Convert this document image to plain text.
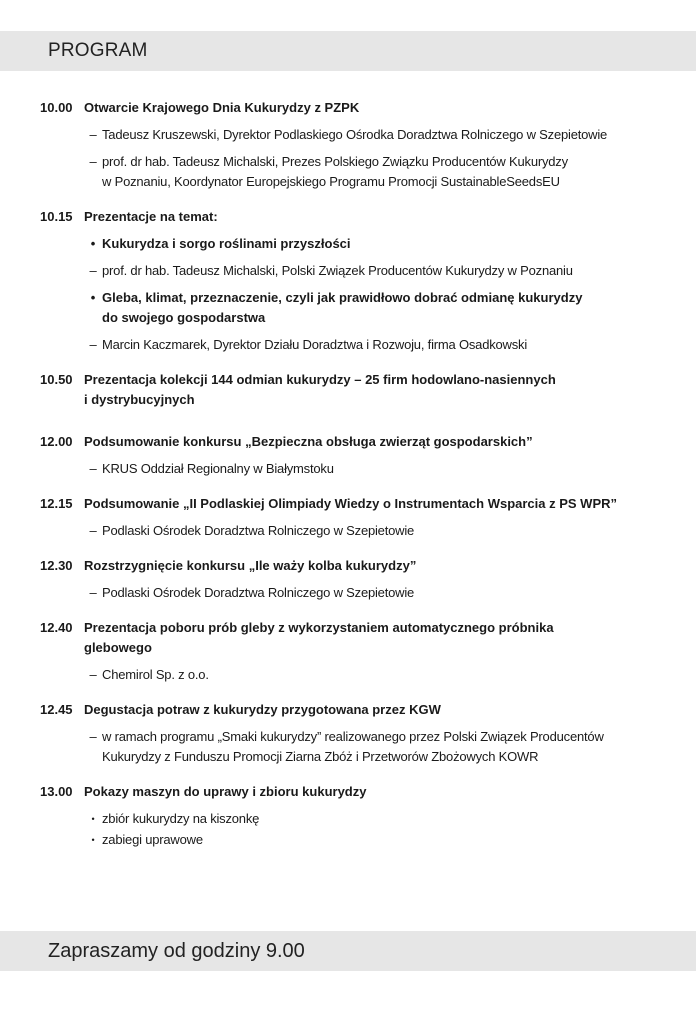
PROGRAM
10.00 Otwarcie Krajowego Dnia Kukurydzy z PZPK
– Tadeusz Kruszewski, Dyrektor Podlaskiego Ośrodka Doradztwa Rolniczego w Szepietowie
– prof. dr hab. Tadeusz Michalski, Prezes Polskiego Związku Producentów Kukurydzy
w Poznaniu, Koordynator Europejskiego Programu Promocji SustainableSeedsEU
10.15 Prezentacje na temat:
• Kukurydza i sorgo roślinami przyszłości
– prof. dr hab. Tadeusz Michalski, Polski Związek Producentów Kukurydzy w Poznaniu
• Gleba, klimat, przeznaczenie, czyli jak prawidłowo dobrać odmianę kukurydzy
do swojego gospodarstwa
– Marcin Kaczmarek, Dyrektor Działu Doradztwa i Rozwoju, firma Osadkowski
10.50 Prezentacja kolekcji 144 odmian kukurydzy – 25 firm hodowlano-nasiennych
i dystrybucyjnych
12.00 Podsumowanie konkursu „Bezpieczna obsługa zwierząt gospodarskich”
– KRUS Oddział Regionalny w Białymstoku
12.15 Podsumowanie „II Podlaskiej Olimpiady Wiedzy o Instrumentach Wsparcia z PS WPR”
– Podlaski Ośrodek Doradztwa Rolniczego w Szepietowie
12.30 Rozstrzygnięcie konkursu „Ile waży kolba kukurydzy”
– Podlaski Ośrodek Doradztwa Rolniczego w Szepietowie
12.40 Prezentacja poboru prób gleby z wykorzystaniem automatycznego próbnika
glebowego
– Chemirol Sp. z o.o.
12.45 Degustacja potraw z kukurydzy przygotowana przez KGW
– w ramach programu „Smaki kukurydzy” realizowanego przez Polski Związek Producentów
Kukurydzy z Funduszu Promocji Ziarna Zbóż i Przetworów Zbożowych KOWR
13.00 Pokazy maszyn do uprawy i zbioru kukurydzy
• zbiór kukurydzy na kiszonkę
• zabiegi uprawowe
Zapraszamy od godziny 9.00
